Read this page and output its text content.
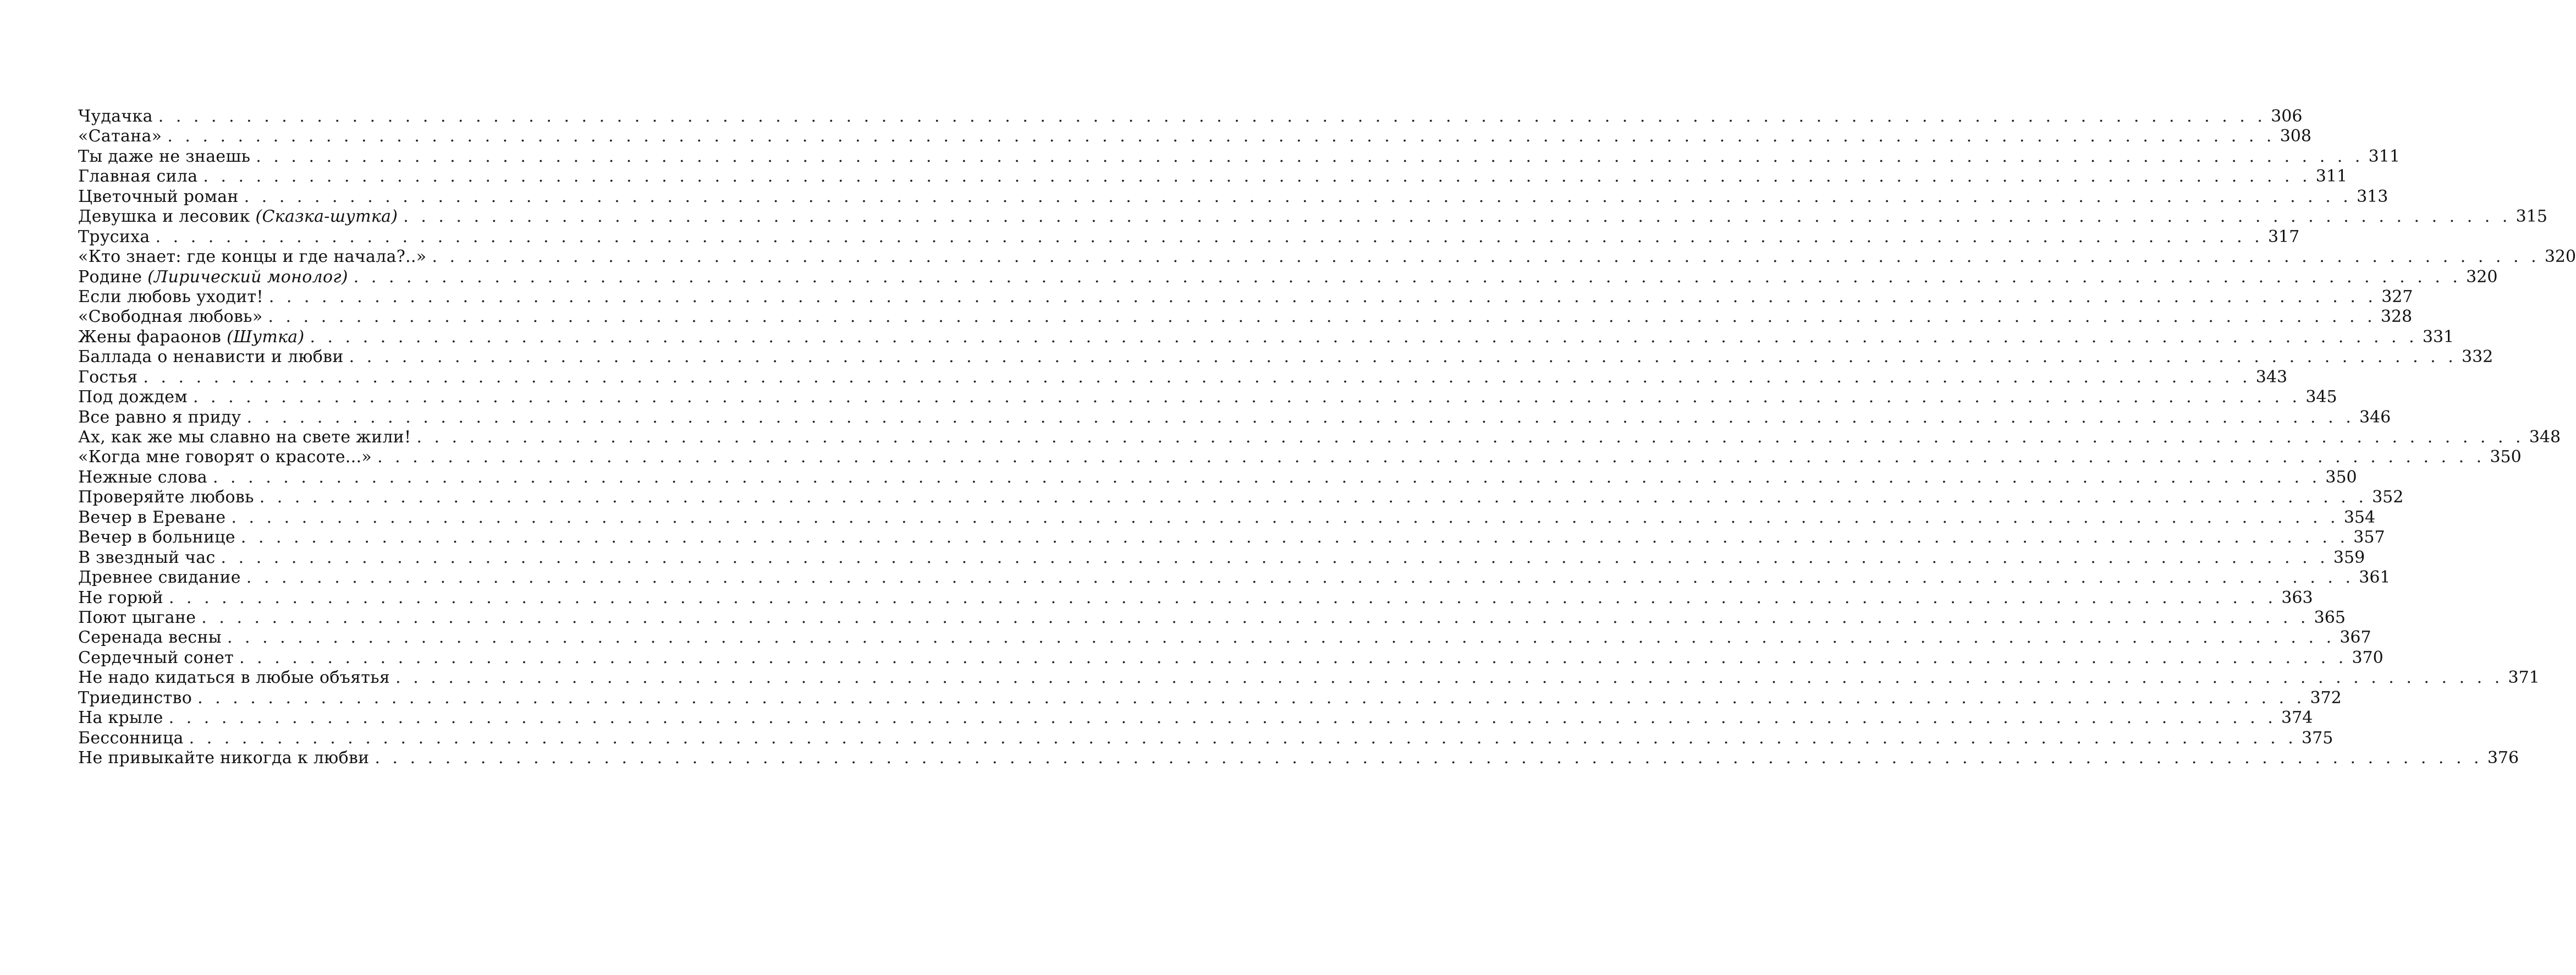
Чудачка . . . . . . . . . . . . . . . . . . . . . . . . . . . . . . . . . . . . . . . . . . . . . . . . . . . . . . . . . . . . . . . . . . . . . . . . . . . . . . . . . . . . . . . . . . . . . . . . . . . . . . . . . . . . . . . . . . . . . . . . 306
«Сатана» . . . . . . . . . . . . . . . . . . . . . . . . . . . . . . . . . . . . . . . . . . . . . . . . . . . . . . . . . . . . . . . . . . . . . . . . . . . . . . . . . . . . . . . . . . . . . . . . . . . . . . . . . . . . . . . . . . . . . . . . 308
Ты даже не знаешь . . . . . . . . . . . . . . . . . . . . . . . . . . . . . . . . . . . . . . . . . . . . . . . . . . . . . . . . . . . . . . . . . . . . . . . . . . . . . . . . . . . . . . . . . . . . . . . . . . . . . . . . . . . . . . . . . . . . . . . . 311
Главная сила . . . . . . . . . . . . . . . . . . . . . . . . . . . . . . . . . . . . . . . . . . . . . . . . . . . . . . . . . . . . . . . . . . . . . . . . . . . . . . . . . . . . . . . . . . . . . . . . . . . . . . . . . . . . . . . . . . . . . . . . 311
Цветочный роман . . . . . . . . . . . . . . . . . . . . . . . . . . . . . . . . . . . . . . . . . . . . . . . . . . . . . . . . . . . . . . . . . . . . . . . . . . . . . . . . . . . . . . . . . . . . . . . . . . . . . . . . . . . . . . . . . . . . . . . . 313
Девушка и лесовик (Сказка-шутка) . . . . . . . . . . . . . . . . . . . . . . . . . . . . . . . . . . . . . . . . . . . . . . . . . . . . . . . . . . . . . . . . . . . . . . . . . . . . . . . . . . . . . . . . . . . . . . . . . . . . . . . . . . . . . . . . . . . . . . . . 315
Трусиха . . . . . . . . . . . . . . . . . . . . . . . . . . . . . . . . . . . . . . . . . . . . . . . . . . . . . . . . . . . . . . . . . . . . . . . . . . . . . . . . . . . . . . . . . . . . . . . . . . . . . . . . . . . . . . . . . . . . . . . . 317
«Кто знает: где концы и где начала?..» . . . . . . . . . . . . . . . . . . . . . . . . . . . . . . . . . . . . . . . . . . . . . . . . . . . . . . . . . . . . . . . . . . . . . . . . . . . . . . . . . . . . . . . . . . . . . . . . . . . . . . . . . . . . . . . . . . . . . . . . 320
Родине (Лирический монолог) . . . . . . . . . . . . . . . . . . . . . . . . . . . . . . . . . . . . . . . . . . . . . . . . . . . . . . . . . . . . . . . . . . . . . . . . . . . . . . . . . . . . . . . . . . . . . . . . . . . . . . . . . . . . . . . . . . . . . . . . 320
Если любовь уходит! . . . . . . . . . . . . . . . . . . . . . . . . . . . . . . . . . . . . . . . . . . . . . . . . . . . . . . . . . . . . . . . . . . . . . . . . . . . . . . . . . . . . . . . . . . . . . . . . . . . . . . . . . . . . . . . . . . . . . . . . 327
«Свободная любовь» . . . . . . . . . . . . . . . . . . . . . . . . . . . . . . . . . . . . . . . . . . . . . . . . . . . . . . . . . . . . . . . . . . . . . . . . . . . . . . . . . . . . . . . . . . . . . . . . . . . . . . . . . . . . . . . . . . . . . . . . 328
Жены фараонов (Шутка) . . . . . . . . . . . . . . . . . . . . . . . . . . . . . . . . . . . . . . . . . . . . . . . . . . . . . . . . . . . . . . . . . . . . . . . . . . . . . . . . . . . . . . . . . . . . . . . . . . . . . . . . . . . . . . . . . . . . . . . . 331
Баллада о ненависти и любви . . . . . . . . . . . . . . . . . . . . . . . . . . . . . . . . . . . . . . . . . . . . . . . . . . . . . . . . . . . . . . . . . . . . . . . . . . . . . . . . . . . . . . . . . . . . . . . . . . . . . . . . . . . . . . . . . . . . . . . . 332
Гостья . . . . . . . . . . . . . . . . . . . . . . . . . . . . . . . . . . . . . . . . . . . . . . . . . . . . . . . . . . . . . . . . . . . . . . . . . . . . . . . . . . . . . . . . . . . . . . . . . . . . . . . . . . . . . . . . . . . . . . . . 343
Под дождем . . . . . . . . . . . . . . . . . . . . . . . . . . . . . . . . . . . . . . . . . . . . . . . . . . . . . . . . . . . . . . . . . . . . . . . . . . . . . . . . . . . . . . . . . . . . . . . . . . . . . . . . . . . . . . . . . . . . . . . . 345
Все равно я приду . . . . . . . . . . . . . . . . . . . . . . . . . . . . . . . . . . . . . . . . . . . . . . . . . . . . . . . . . . . . . . . . . . . . . . . . . . . . . . . . . . . . . . . . . . . . . . . . . . . . . . . . . . . . . . . . . . . . . . . . 346
Ах, как же мы славно на свете жили! . . . . . . . . . . . . . . . . . . . . . . . . . . . . . . . . . . . . . . . . . . . . . . . . . . . . . . . . . . . . . . . . . . . . . . . . . . . . . . . . . . . . . . . . . . . . . . . . . . . . . . . . . . . . . . . . . . . . . . . . 348
«Когда мне говорят о красоте...» . . . . . . . . . . . . . . . . . . . . . . . . . . . . . . . . . . . . . . . . . . . . . . . . . . . . . . . . . . . . . . . . . . . . . . . . . . . . . . . . . . . . . . . . . . . . . . . . . . . . . . . . . . . . . . . . . . . . . . . . 350
Нежные слова . . . . . . . . . . . . . . . . . . . . . . . . . . . . . . . . . . . . . . . . . . . . . . . . . . . . . . . . . . . . . . . . . . . . . . . . . . . . . . . . . . . . . . . . . . . . . . . . . . . . . . . . . . . . . . . . . . . . . . . . 350
Проверяйте любовь . . . . . . . . . . . . . . . . . . . . . . . . . . . . . . . . . . . . . . . . . . . . . . . . . . . . . . . . . . . . . . . . . . . . . . . . . . . . . . . . . . . . . . . . . . . . . . . . . . . . . . . . . . . . . . . . . . . . . . . . 352
Вечер в Ереване . . . . . . . . . . . . . . . . . . . . . . . . . . . . . . . . . . . . . . . . . . . . . . . . . . . . . . . . . . . . . . . . . . . . . . . . . . . . . . . . . . . . . . . . . . . . . . . . . . . . . . . . . . . . . . . . . . . . . . . . 354
Вечер в больнице . . . . . . . . . . . . . . . . . . . . . . . . . . . . . . . . . . . . . . . . . . . . . . . . . . . . . . . . . . . . . . . . . . . . . . . . . . . . . . . . . . . . . . . . . . . . . . . . . . . . . . . . . . . . . . . . . . . . . . . . 357
В звездный час . . . . . . . . . . . . . . . . . . . . . . . . . . . . . . . . . . . . . . . . . . . . . . . . . . . . . . . . . . . . . . . . . . . . . . . . . . . . . . . . . . . . . . . . . . . . . . . . . . . . . . . . . . . . . . . . . . . . . . . . 359
Древнее свидание . . . . . . . . . . . . . . . . . . . . . . . . . . . . . . . . . . . . . . . . . . . . . . . . . . . . . . . . . . . . . . . . . . . . . . . . . . . . . . . . . . . . . . . . . . . . . . . . . . . . . . . . . . . . . . . . . . . . . . . . 361
Не горюй . . . . . . . . . . . . . . . . . . . . . . . . . . . . . . . . . . . . . . . . . . . . . . . . . . . . . . . . . . . . . . . . . . . . . . . . . . . . . . . . . . . . . . . . . . . . . . . . . . . . . . . . . . . . . . . . . . . . . . . . 363
Поют цыгане . . . . . . . . . . . . . . . . . . . . . . . . . . . . . . . . . . . . . . . . . . . . . . . . . . . . . . . . . . . . . . . . . . . . . . . . . . . . . . . . . . . . . . . . . . . . . . . . . . . . . . . . . . . . . . . . . . . . . . . . 365
Серенада весны . . . . . . . . . . . . . . . . . . . . . . . . . . . . . . . . . . . . . . . . . . . . . . . . . . . . . . . . . . . . . . . . . . . . . . . . . . . . . . . . . . . . . . . . . . . . . . . . . . . . . . . . . . . . . . . . . . . . . . . . 367
Сердечный сонет . . . . . . . . . . . . . . . . . . . . . . . . . . . . . . . . . . . . . . . . . . . . . . . . . . . . . . . . . . . . . . . . . . . . . . . . . . . . . . . . . . . . . . . . . . . . . . . . . . . . . . . . . . . . . . . . . . . . . . . . 370
Не надо кидаться в любые объятья . . . . . . . . . . . . . . . . . . . . . . . . . . . . . . . . . . . . . . . . . . . . . . . . . . . . . . . . . . . . . . . . . . . . . . . . . . . . . . . . . . . . . . . . . . . . . . . . . . . . . . . . . . . . . . . . . . . . . . . . 371
Триединство . . . . . . . . . . . . . . . . . . . . . . . . . . . . . . . . . . . . . . . . . . . . . . . . . . . . . . . . . . . . . . . . . . . . . . . . . . . . . . . . . . . . . . . . . . . . . . . . . . . . . . . . . . . . . . . . . . . . . . . . 372
На крыле . . . . . . . . . . . . . . . . . . . . . . . . . . . . . . . . . . . . . . . . . . . . . . . . . . . . . . . . . . . . . . . . . . . . . . . . . . . . . . . . . . . . . . . . . . . . . . . . . . . . . . . . . . . . . . . . . . . . . . . . 374
Бессонница . . . . . . . . . . . . . . . . . . . . . . . . . . . . . . . . . . . . . . . . . . . . . . . . . . . . . . . . . . . . . . . . . . . . . . . . . . . . . . . . . . . . . . . . . . . . . . . . . . . . . . . . . . . . . . . . . . . . . . . . 375
Не привыкайте никогда к любви . . . . . . . . . . . . . . . . . . . . . . . . . . . . . . . . . . . . . . . . . . . . . . . . . . . . . . . . . . . . . . . . . . . . . . . . . . . . . . . . . . . . . . . . . . . . . . . . . . . . . . . . . . . . . . . . . . . . . . . . 376
